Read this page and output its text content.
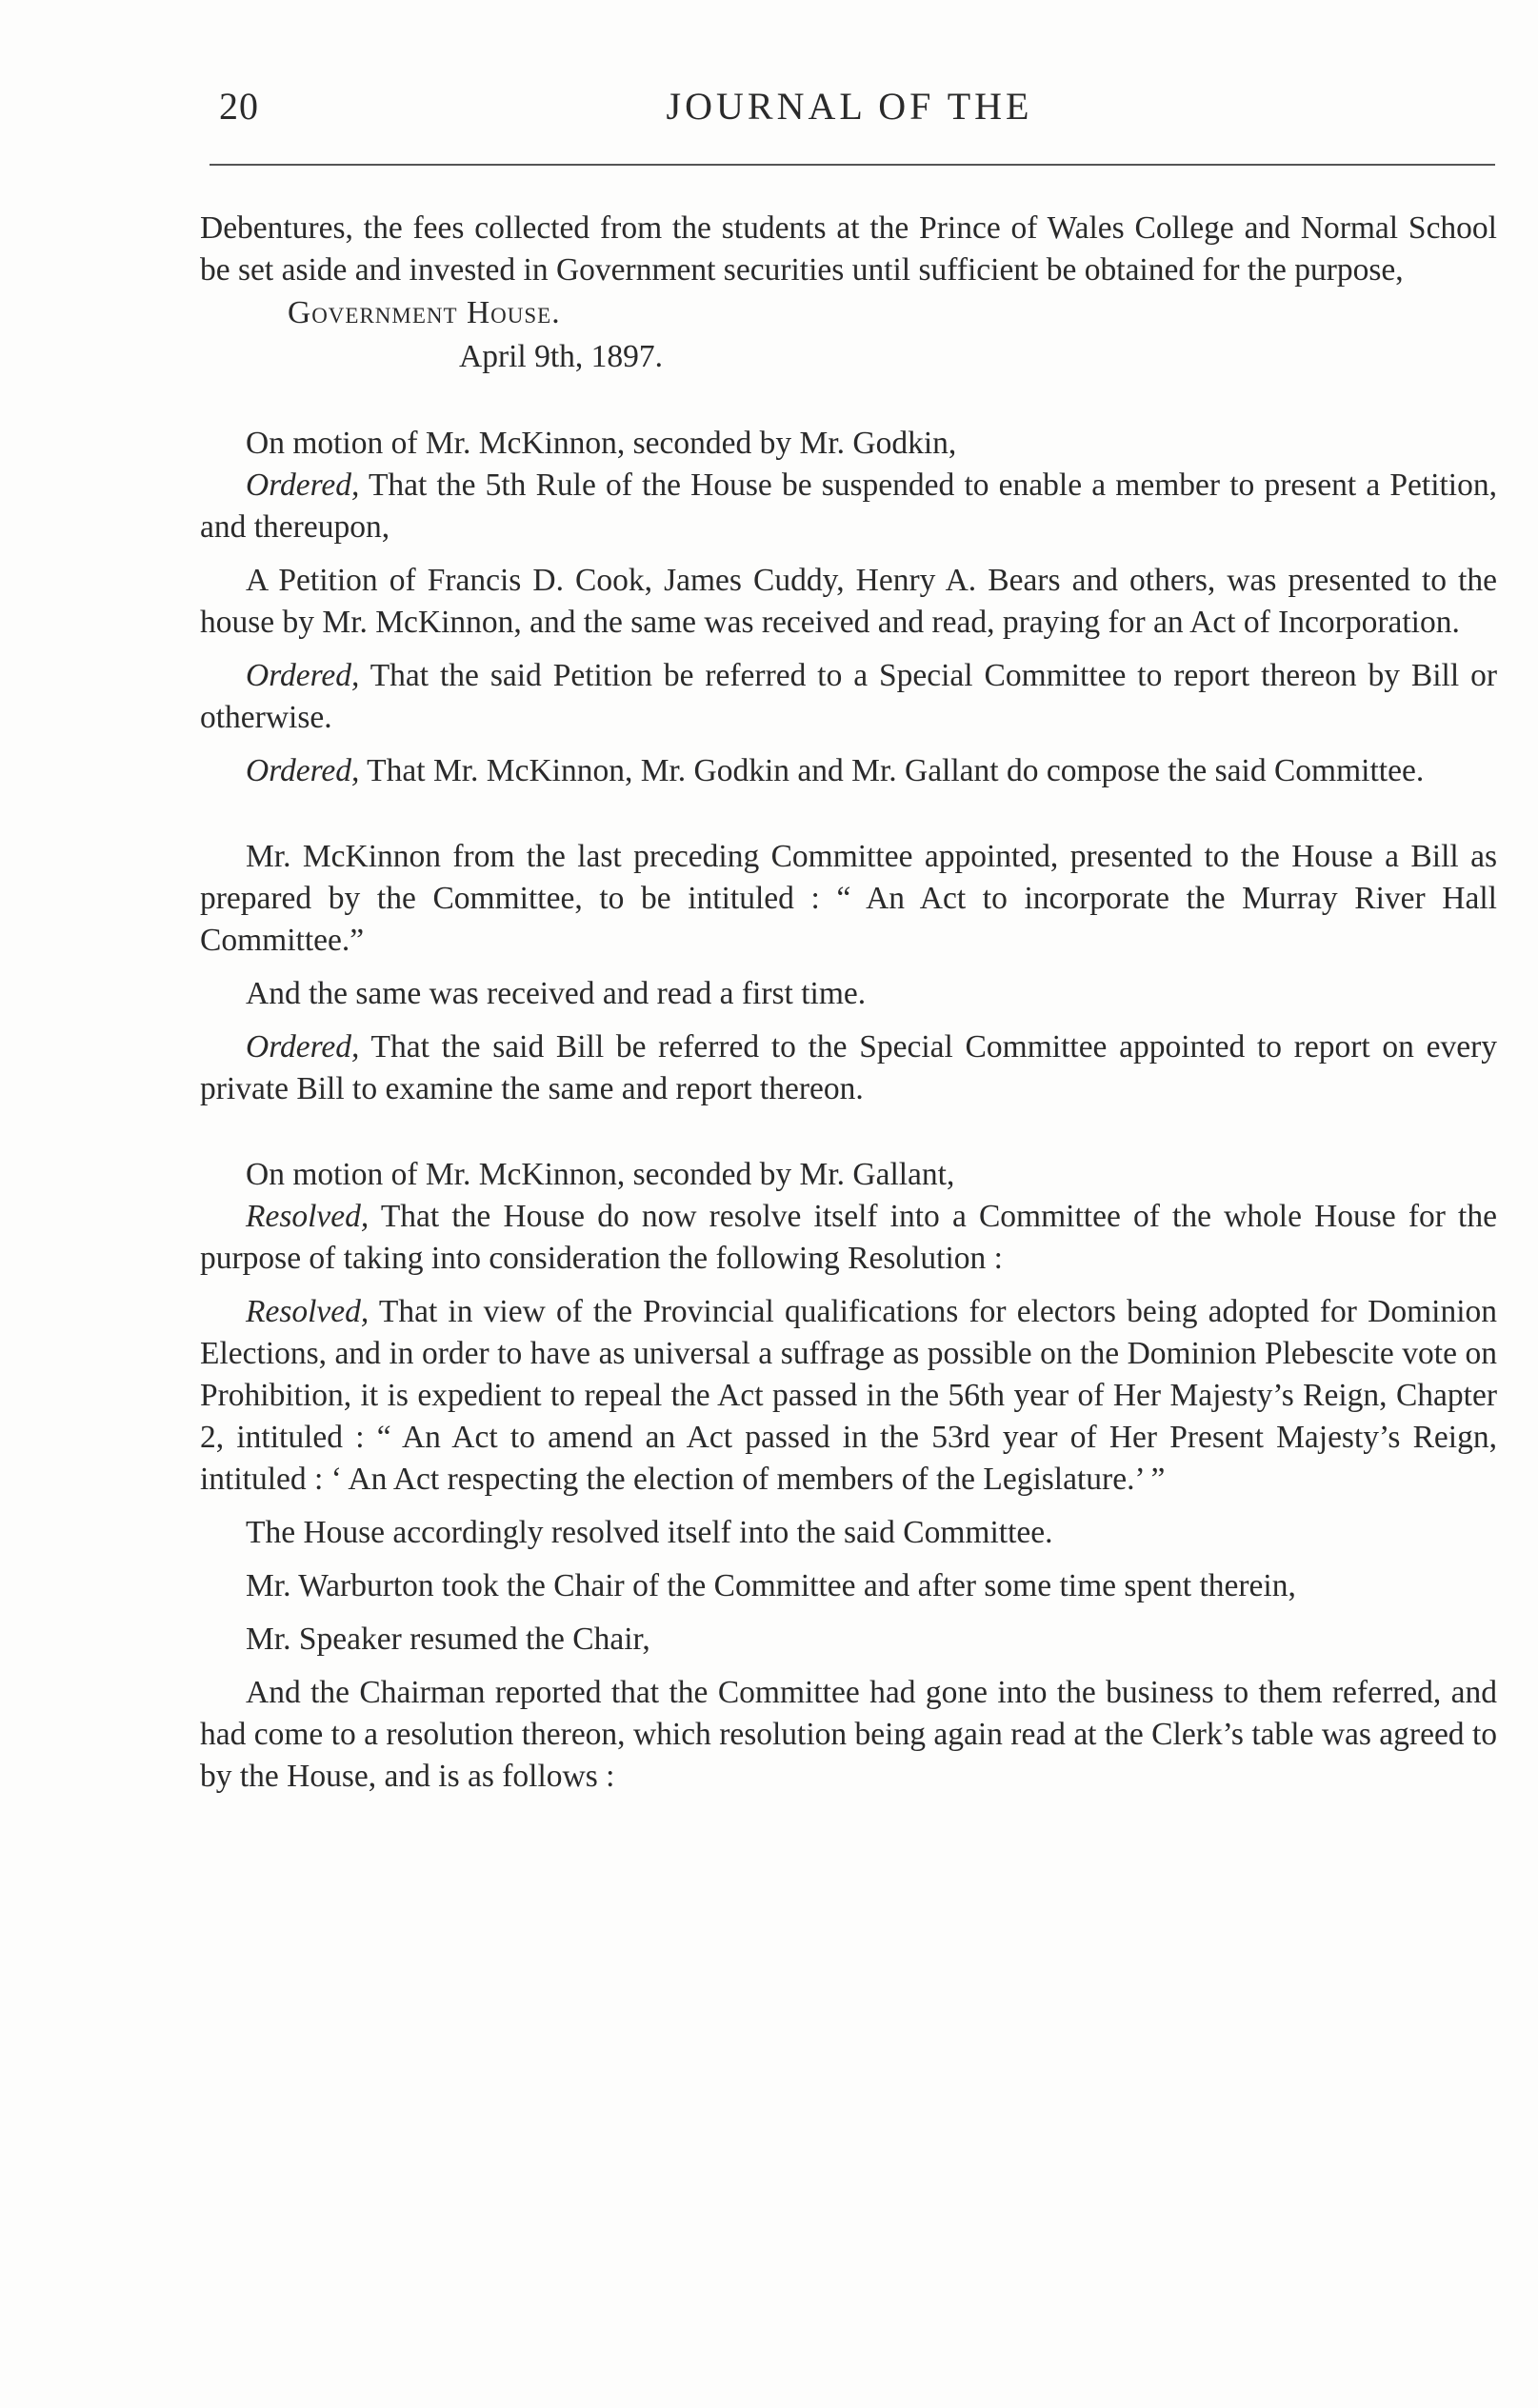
20	JOURNAL OF THE

Debentures, the fees collected from the students at the Prince of Wales College and Normal School be set aside and invested in Government securities until sufficient be obtained for the purpose,

Government House.
April 9th, 1897.

On motion of Mr. McKinnon, seconded by Mr. Godkin,

Ordered, That the 5th Rule of the House be suspended to enable a member to present a Petition, and thereupon,

A Petition of Francis D. Cook, James Cuddy, Henry A. Bears and others, was presented to the house by Mr. McKinnon, and the same was received and read, praying for an Act of Incorporation.

Ordered, That the said Petition be referred to a Special Committee to report thereon by Bill or otherwise.

Ordered, That Mr. McKinnon, Mr. Godkin and Mr. Gallant do compose the said Committee.

Mr. McKinnon from the last preceding Committee appointed, presented to the House a Bill as prepared by the Committee, to be intituled : “ An Act to incorporate the Murray River Hall Committee.”

And the same was received and read a first time.

Ordered, That the said Bill be referred to the Special Committee appointed to report on every private Bill to examine the same and report thereon.

On motion of Mr. McKinnon, seconded by Mr. Gallant,

Resolved, That the House do now resolve itself into a Committee of the whole House for the purpose of taking into consideration the following Resolution :

Resolved, That in view of the Provincial qualifications for electors being adopted for Dominion Elections, and in order to have as universal a suffrage as possible on the Dominion Plebescite vote on Prohibition, it is expedient to repeal the Act passed in the 56th year of Her Majesty’s Reign, Chapter 2, intituled : “ An Act to amend an Act passed in the 53rd year of Her Present Majesty’s Reign, intituled : ‘ An Act respecting the election of members of the Legislature.’ ”

The House accordingly resolved itself into the said Committee.

Mr. Warburton took the Chair of the Committee and after some time spent therein,

Mr. Speaker resumed the Chair,

And the Chairman reported that the Committee had gone into the business to them referred, and had come to a resolution thereon, which resolution being again read at the Clerk’s table was agreed to by the House, and is as follows :
